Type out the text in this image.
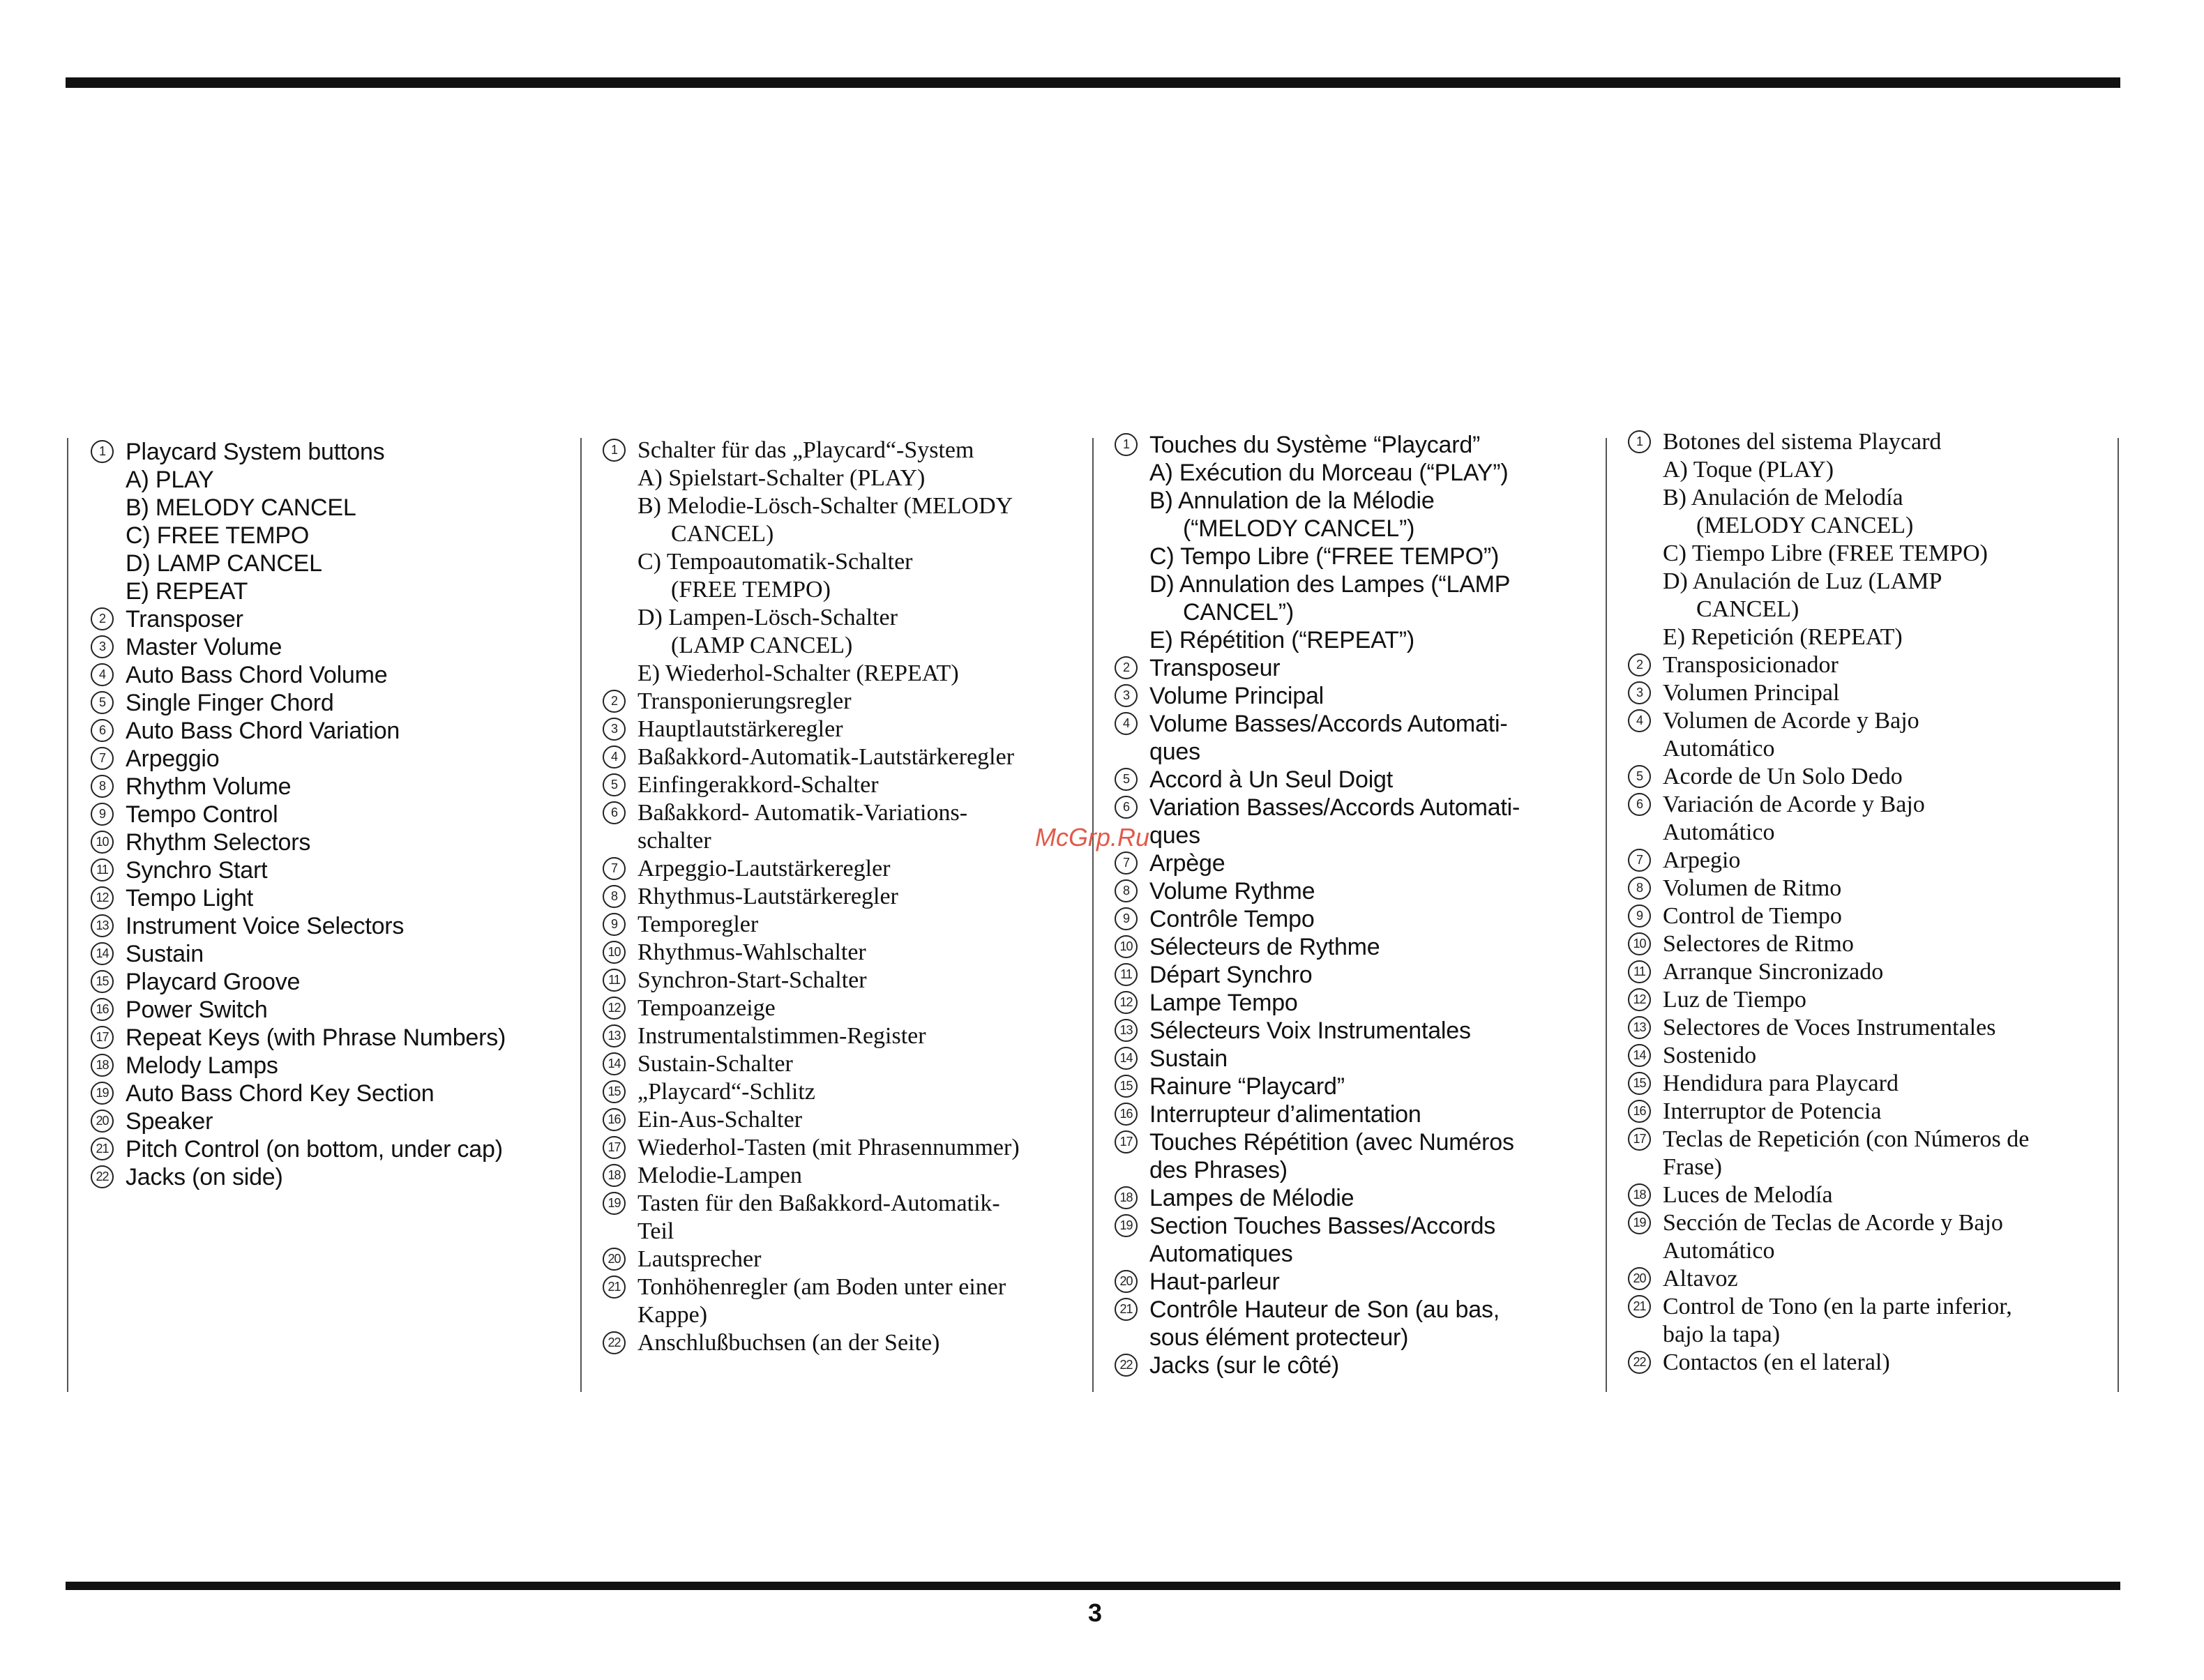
1 Playcard System buttons
A) PLAY
B) MELODY CANCEL
C) FREE TEMPO
D) LAMP CANCEL
E) REPEAT
2 Transposer
3 Master Volume
4 Auto Bass Chord Volume
5 Single Finger Chord
6 Auto Bass Chord Variation
7 Arpeggio
8 Rhythm Volume
9 Tempo Control
10 Rhythm Selectors
11 Synchro Start
12 Tempo Light
13 Instrument Voice Selectors
14 Sustain
15 Playcard Groove
16 Power Switch
17 Repeat Keys (with Phrase Numbers)
18 Melody Lamps
19 Auto Bass Chord Key Section
20 Speaker
21 Pitch Control (on bottom, under cap)
22 Jacks (on side)
1 Schalter für das „Playcard“-System
A) Spielstart-Schalter (PLAY)
B) Melodie-Lösch-Schalter (MELODY
CANCEL)
C) Tempoautomatik-Schalter
(FREE TEMPO)
D) Lampen-Lösch-Schalter
(LAMP CANCEL)
E) Wiederhol-Schalter (REPEAT)
2 Transponierungsregler
3 Hauptlautstärkeregler
4 Baßakkord-Automatik-Lautstärkeregler
5 Einfingerakkord-Schalter
6 Baßakkord- Automatik-Variations-
schalter
7 Arpeggio-Lautstärkeregler
8 Rhythmus-Lautstärkeregler
9 Temporegler
10 Rhythmus-Wahlschalter
11 Synchron-Start-Schalter
12 Tempoanzeige
13 Instrumentalstimmen-Register
14 Sustain-Schalter
15 „Playcard“-Schlitz
16 Ein-Aus-Schalter
17 Wiederhol-Tasten (mit Phrasennummer)
18 Melodie-Lampen
19 Tasten für den Baßakkord-Automatik-
Teil
20 Lautsprecher
21 Tonhöhenregler (am Boden unter einer
Kappe)
22 Anschlußbuchsen (an der Seite)
1 Touches du Système “Playcard”
A) Exécution du Morceau (“PLAY”)
B) Annulation de la Mélodie
(“MELODY CANCEL”)
C) Tempo Libre (“FREE TEMPO”)
D) Annulation des Lampes (“LAMP
CANCEL”)
E) Répétition (“REPEAT”)
2 Transposeur
3 Volume Principal
4 Volume Basses/Accords Automati-
ques
5 Accord à Un Seul Doigt
6 Variation Basses/Accords Automati-
ques
7 Arpège
8 Volume Rythme
9 Contrôle Tempo
10 Sélecteurs de Rythme
11 Départ Synchro
12 Lampe Tempo
13 Sélecteurs Voix Instrumentales
14 Sustain
15 Rainure “Playcard”
16 Interrupteur d’alimentation
17 Touches Répétition (avec Numéros
des Phrases)
18 Lampes de Mélodie
19 Section Touches Basses/Accords
Automatiques
20 Haut-parleur
21 Contrôle Hauteur de Son (au bas,
sous élément protecteur)
22 Jacks (sur le côté)
1 Botones del sistema Playcard
A) Toque (PLAY)
B) Anulación de Melodía
(MELODY CANCEL)
C) Tiempo Libre (FREE TEMPO)
D) Anulación de Luz (LAMP
CANCEL)
E) Repetición (REPEAT)
2 Transposicionador
3 Volumen Principal
4 Volumen de Acorde y Bajo
Automático
5 Acorde de Un Solo Dedo
6 Variación de Acorde y Bajo
Automático
7 Arpegio
8 Volumen de Ritmo
9 Control de Tiempo
10 Selectores de Ritmo
11 Arranque Sincronizado
12 Luz de Tiempo
13 Selectores de Voces Instrumentales
14 Sostenido
15 Hendidura para Playcard
16 Interruptor de Potencia
17 Teclas de Repetición (con Números de
Frase)
18 Luces de Melodía
19 Sección de Teclas de Acorde y Bajo
Automático
20 Altavoz
21 Control de Tono (en la parte inferior,
bajo la tapa)
22 Contactos (en el lateral)
McGrp.Ru
3
